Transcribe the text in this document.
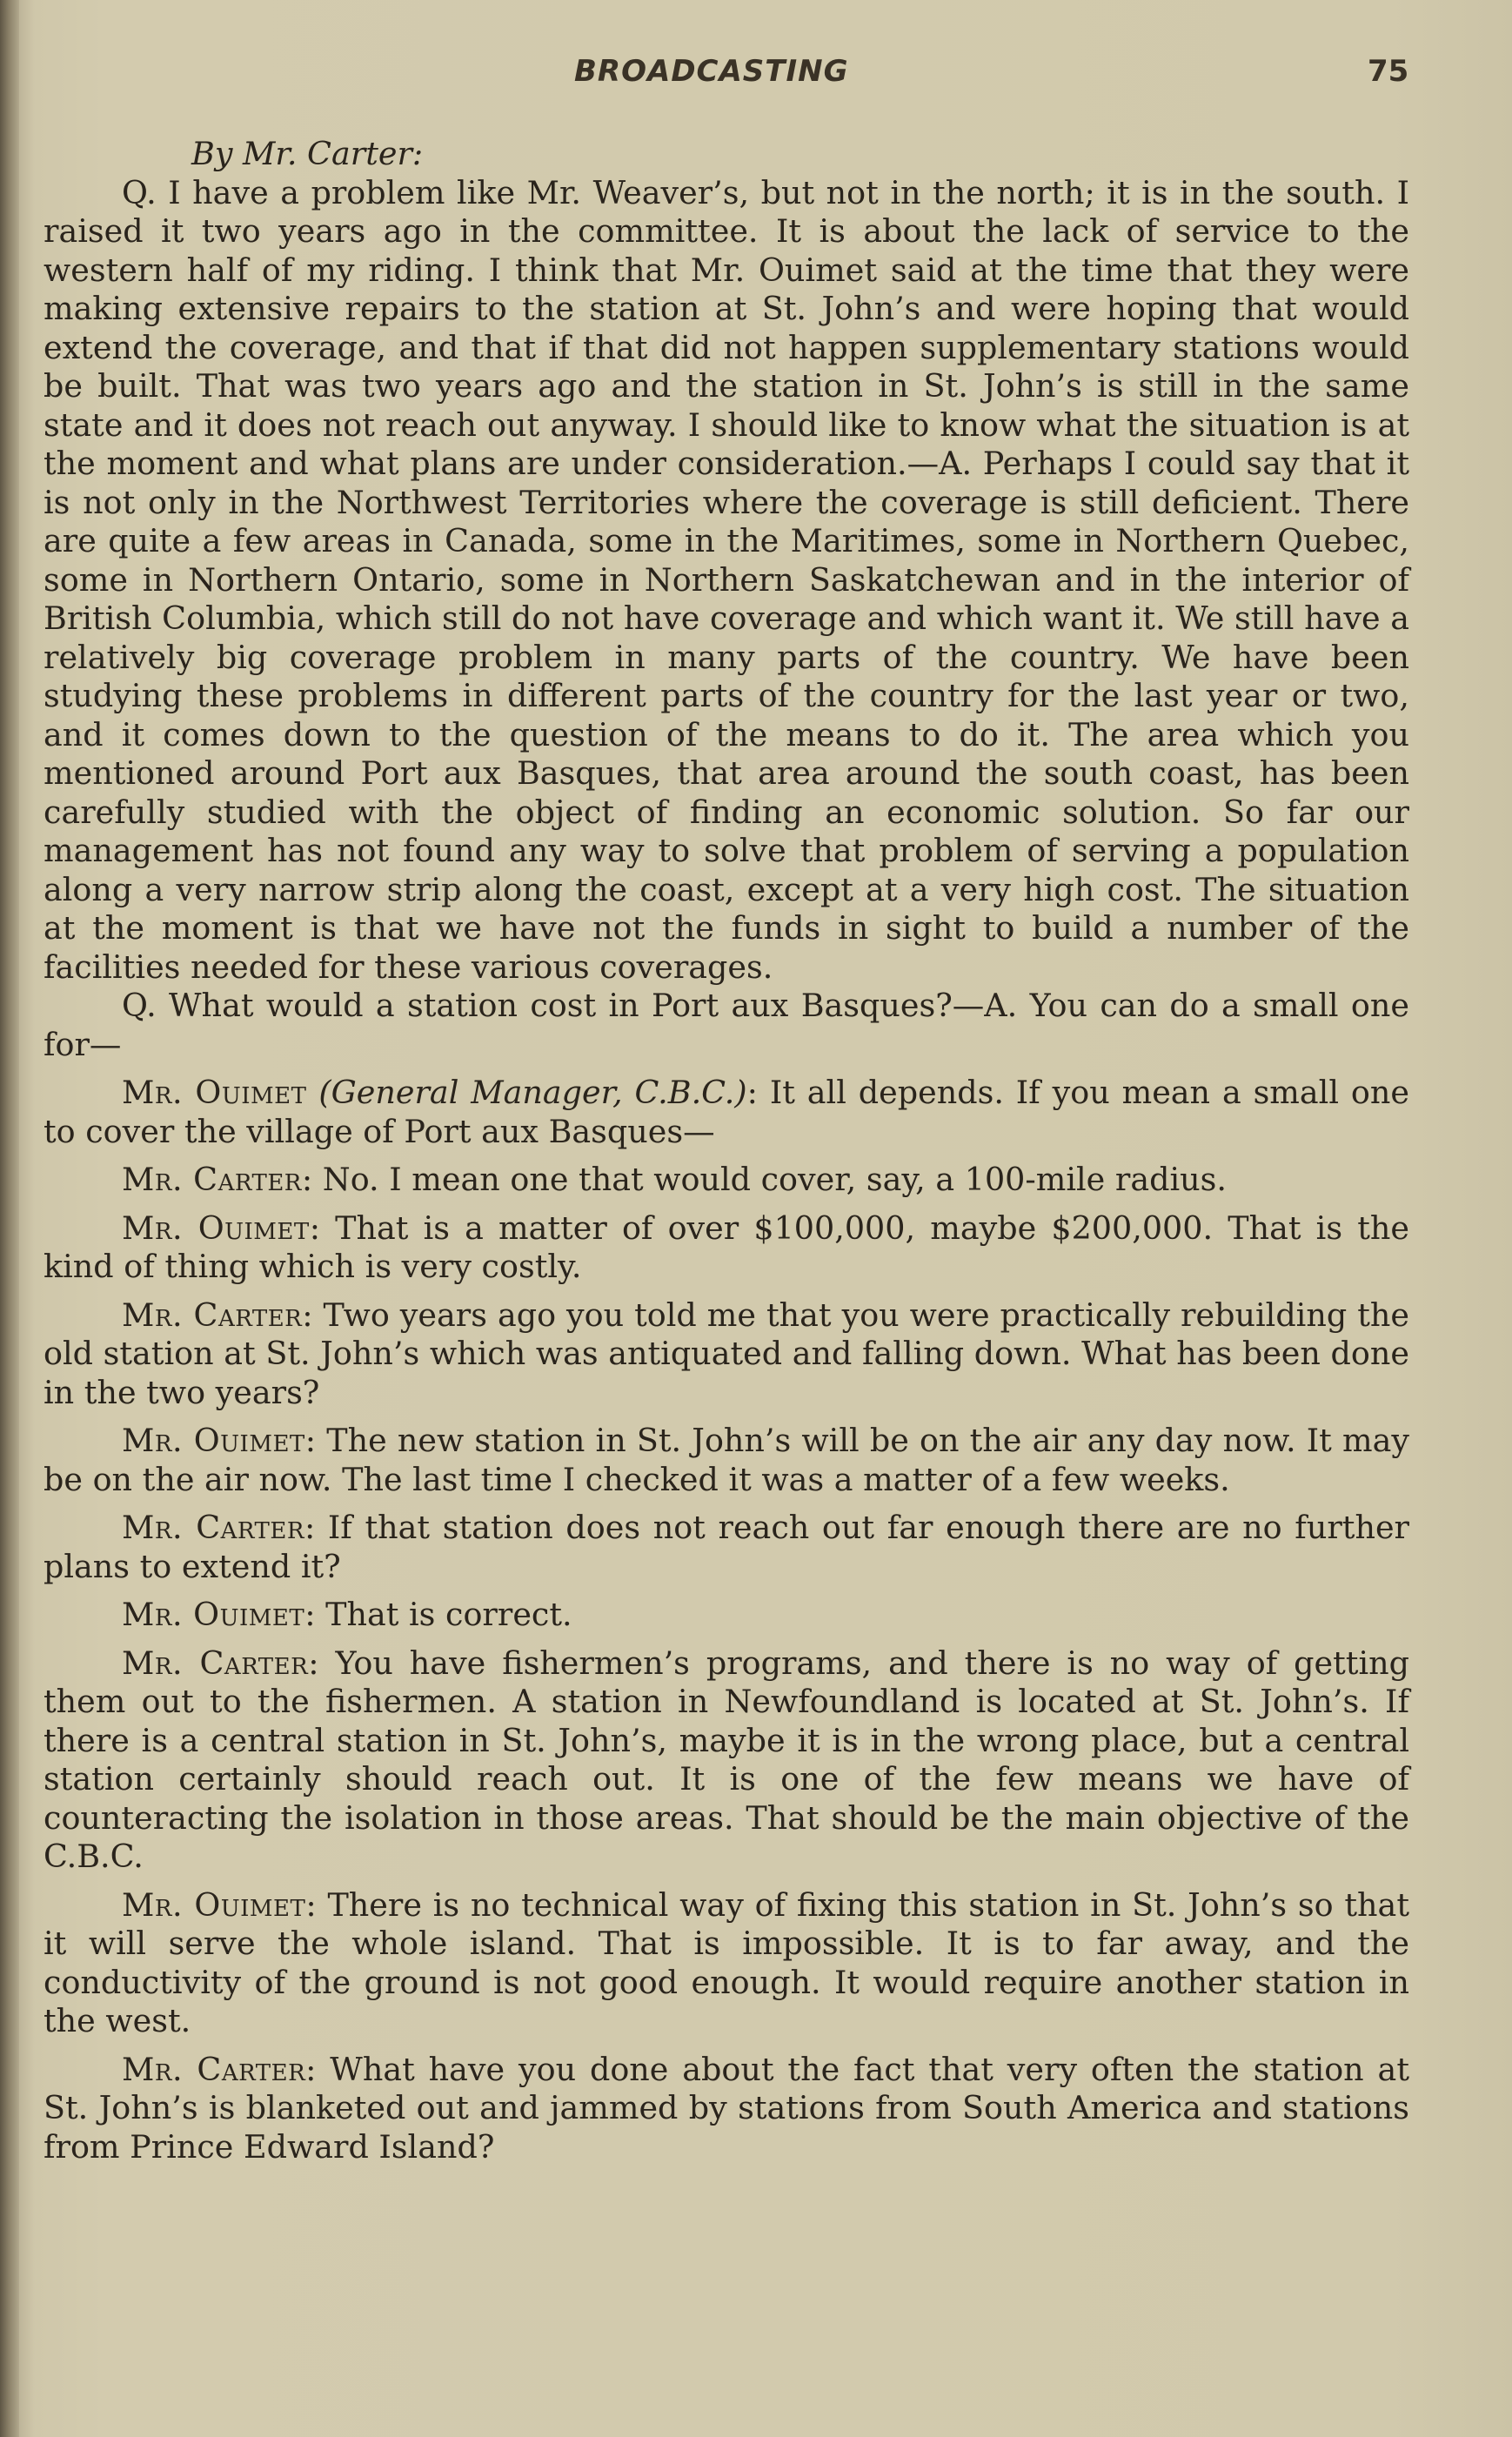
BROADCASTING	75

By Mr. Carter:

Q. I have a problem like Mr. Weaver’s, but not in the north; it is in the south. I raised it two years ago in the committee. It is about the lack of service to the western half of my riding. I think that Mr. Ouimet said at the time that they were making extensive repairs to the station at St. John’s and were hoping that would extend the coverage, and that if that did not happen supplementary stations would be built. That was two years ago and the station in St. John’s is still in the same state and it does not reach out anyway. I should like to know what the situation is at the moment and what plans are under consideration.—A. Perhaps I could say that it is not only in the Northwest Territories where the coverage is still deficient. There are quite a few areas in Canada, some in the Maritimes, some in Northern Quebec, some in Northern Ontario, some in Northern Saskatchewan and in the interior of British Columbia, which still do not have coverage and which want it. We still have a relatively big coverage problem in many parts of the country. We have been studying these problems in different parts of the country for the last year or two, and it comes down to the question of the means to do it. The area which you mentioned around Port aux Basques, that area around the south coast, has been carefully studied with the object of finding an economic solution. So far our management has not found any way to solve that problem of serving a population along a very narrow strip along the coast, except at a very high cost. The situation at the moment is that we have not the funds in sight to build a number of the facilities needed for these various coverages.

Q. What would a station cost in Port aux Basques?—A. You can do a small one for—

Mr. Ouimet (General Manager, C.B.C.): It all depends. If you mean a small one to cover the village of Port aux Basques—

Mr. Carter: No. I mean one that would cover, say, a 100-mile radius.

Mr. Ouimet: That is a matter of over $100,000, maybe $200,000. That is the kind of thing which is very costly.

Mr. Carter: Two years ago you told me that you were practically rebuilding the old station at St. John’s which was antiquated and falling down. What has been done in the two years?

Mr. Ouimet: The new station in St. John’s will be on the air any day now. It may be on the air now. The last time I checked it was a matter of a few weeks.

Mr. Carter: If that station does not reach out far enough there are no further plans to extend it?

Mr. Ouimet: That is correct.

Mr. Carter: You have fishermen’s programs, and there is no way of getting them out to the fishermen. A station in Newfoundland is located at St. John’s. If there is a central station in St. John’s, maybe it is in the wrong place, but a central station certainly should reach out. It is one of the few means we have of counteracting the isolation in those areas. That should be the main objective of the C.B.C.

Mr. Ouimet: There is no technical way of fixing this station in St. John’s so that it will serve the whole island. That is impossible. It is to far away, and the conductivity of the ground is not good enough. It would require another station in the west.

Mr. Carter: What have you done about the fact that very often the station at St. John’s is blanketed out and jammed by stations from South America and stations from Prince Edward Island?
